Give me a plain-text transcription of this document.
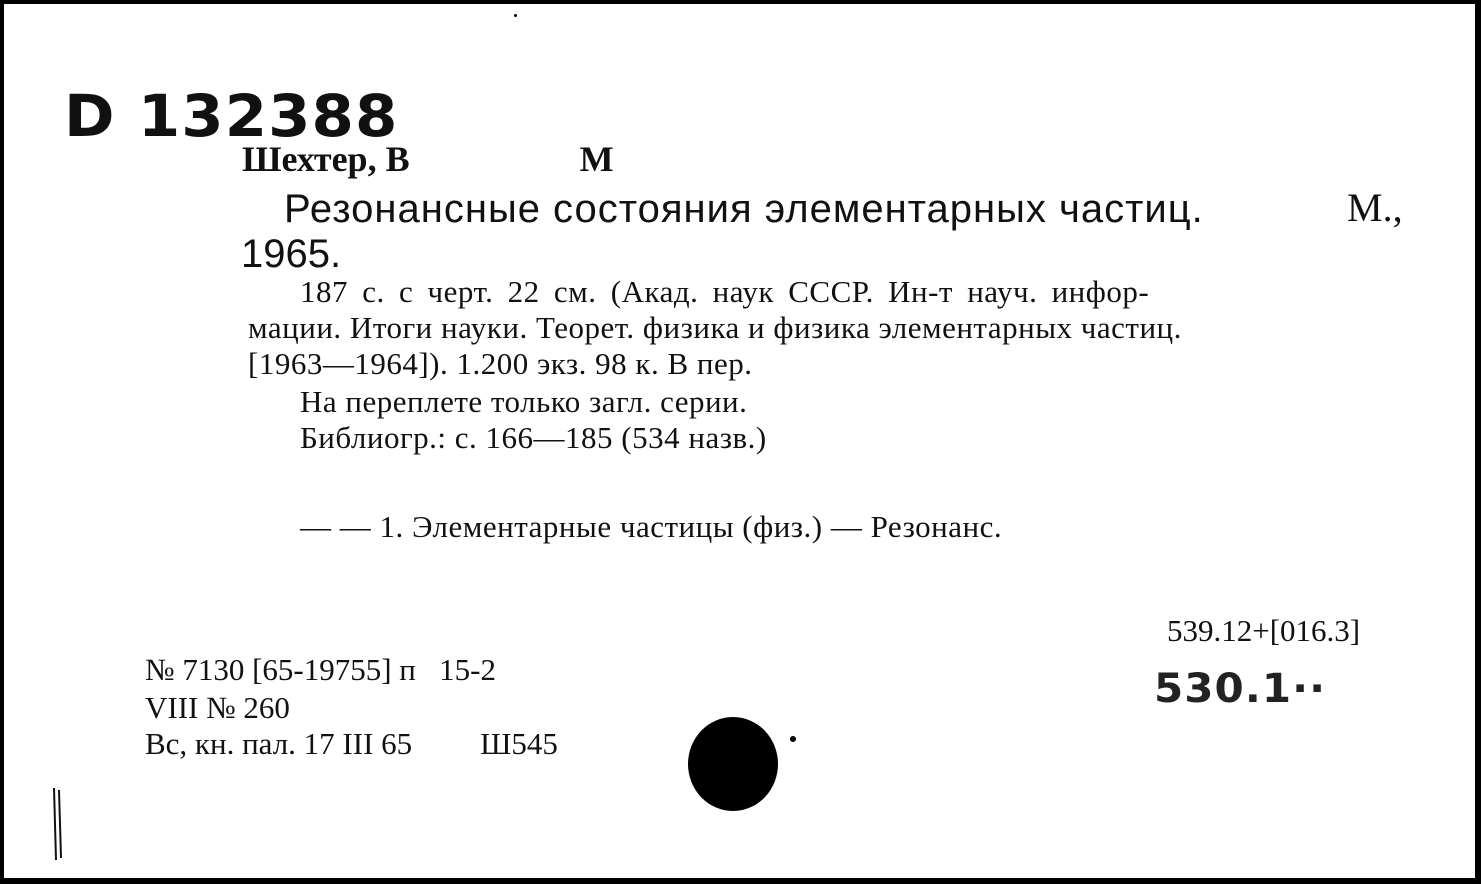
D 132388
Шехтер, В	М
Резонансные состояния элементарных частиц.	М.,
1965.
187 с. с черт. 22 см. (Акад. наук СССР. Ин-т науч. инфор-
мации. Итоги науки. Теорет. физика и физика элементарных частиц.
[1963—1964]). 1.200 экз. 98 к. В пер.
На переплете только загл. серии.
Библиогр.: с. 166—185 (534 назв.)
— — 1. Элементарные частицы (физ.) — Резонанс.
539.12+[016.3]
530.1··
№ 7130 [65-19755] п   15-2
VIII № 260
Вс, кн. пал. 17 III 65 Ш545
